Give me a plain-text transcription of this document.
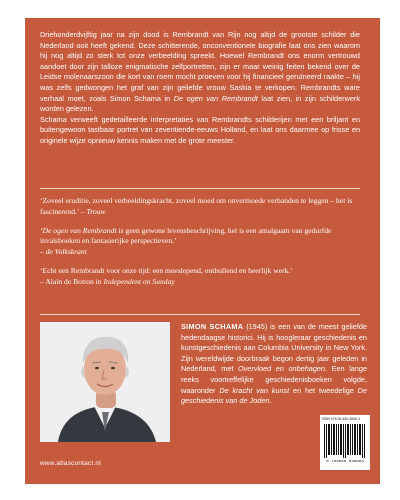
Driehonderdvijftig jaar na zijn dood is Rembrandt van Rijn nog altijd de grootste schilder die Nederland ooit heeft gekend. Deze schitterende, onconventionele biografie laat ons zien waarom hij nog altijd zo sterk tot onze verbeelding spreekt. Hoewel Rembrandt ons enorm vertrouwd aandoet door zijn talloze enigmatische zelfportretten, zijn er maar weinig feiten bekend over de Leidse molenaarszoon die kort van roem mocht proeven voor hij financieel geruïneerd raakte – hij was zelfs gedwongen het graf van zijn geliefde vrouw Saskia te verkopen. Rembrandts ware verhaal moet, zoals Simon Schama in De ogen van Rembrandt laat zien, in zijn schilderwerk worden gelezen.

Schama verweeft gedetailleerde interpretaties van Rembrandts schilderijen met een briljant en buitengewoon tastbaar portret van zeventiende-eeuws Holland, en laat ons daarmee op frisse en originele wijze opnieuw kennis maken met de grote meester.

‘Zoveel eruditie, zoveel verbeeldingskracht, zoveel moed om onvermoede verbanden te leggen – het is fascinerend.’ – Trouw
‘De ogen van Rembrandt is geen gewone levensbeschrijving, het is een amalgaam van gedurfde invalsboeken en fantasierijke perspectieven.’
– de Volkskrant
‘Echt een Rembrandt voor onze tijd: een meeslepend, onthullend en heerlijk werk.’
– Alain de Botton in Independent on Sunday
SIMON SCHAMA (1945) is een van de meest geliefde hedendaagse historici. Hij is hoogleraar geschiedenis en kunstgeschiedenis aan Columbia University in New York. Zijn wereldwijde doorbraak begon dertig jaar geleden in Nederland, met Overvloed en onbehagen. Een lange reeks voortreffelijke geschiedenisboeken volgde, waaronder De kracht van kunst en het tweedelige De geschiedenis van de Joden.
ISBN 978-90-450-3668-3
9 789045 036683
www.atlascontact.nl
